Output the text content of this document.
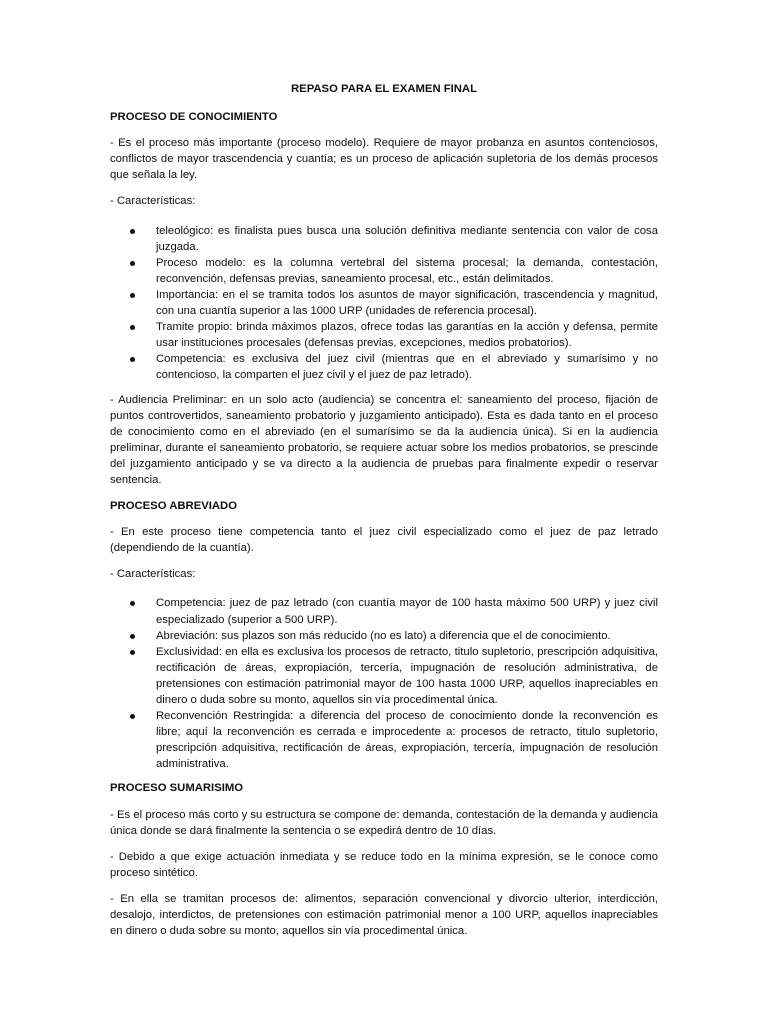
REPASO PARA EL EXAMEN FINAL
PROCESO DE CONOCIMIENTO
- Es el proceso más importante (proceso modelo). Requiere de mayor probanza en asuntos contenciosos, conflictos de mayor trascendencia y cuantía; es un proceso de aplicación supletoria de los demás procesos que señala la ley.
- Características:
teleológico: es finalista pues busca una solución definitiva mediante sentencia con valor de cosa juzgada.
Proceso modelo: es la columna vertebral del sistema procesal; la demanda, contestación, reconvención, defensas previas, saneamiento procesal, etc., están delimitados.
Importancia: en el se tramita todos los asuntos de mayor significación, trascendencia y magnitud, con una cuantía superior a las 1000 URP (unidades de referencia procesal).
Tramite propio: brinda máximos plazos, ofrece todas las garantías en la acción y defensa, permite usar instituciones procesales (defensas previas, excepciones, medios probatorios).
Competencia: es exclusiva del juez civil (mientras que en el abreviado y sumarísimo y no contencioso, la comparten el juez civil y el juez de paz letrado).
- Audiencia Preliminar: en un solo acto (audiencia) se concentra el: saneamiento del proceso, fijación de puntos controvertidos, saneamiento probatorio y juzgamiento anticipado). Esta es dada tanto en el proceso de conocimiento como en el abreviado (en el sumarísimo se da la audiencia única). Si en la audiencia preliminar, durante el saneamiento probatorio, se requiere actuar sobre los medios probatorios, se prescinde del juzgamiento anticipado y se va directo a la audiencia de pruebas para finalmente expedir o reservar sentencia.
PROCESO ABREVIADO
- En este proceso tiene competencia tanto el juez civil especializado como el juez de paz letrado (dependiendo de la cuantía).
- Características:
Competencia: juez de paz letrado (con cuantía mayor de 100 hasta máximo 500 URP) y juez civil especializado (superior a 500 URP).
Abreviación: sus plazos son más reducido (no es lato) a diferencia que el de conocimiento.
Exclusividad: en ella es exclusiva los procesos de retracto, titulo supletorio, prescripción adquisitiva, rectificación de áreas, expropiación, tercería, impugnación de resolución administrativa, de pretensiones con estimación patrimonial mayor de 100 hasta 1000 URP, aquellos inapreciables en dinero o duda sobre su monto, aquellos sin vía procedimental única.
Reconvención Restringida: a diferencia del proceso de conocimiento donde la reconvención es libre; aquí la reconvención es cerrada e improcedente a: procesos de retracto, titulo supletorio, prescripción adquisitiva, rectificación de áreas, expropiación, tercería, impugnación de resolución administrativa.
PROCESO SUMARISIMO
- Es el proceso más corto y su estructura se compone de: demanda, contestación de la demanda y audiencia única donde se dará finalmente la sentencia o se expedirá dentro de 10 días.
- Debido a que exige actuación inmediata y se reduce todo en la mínima expresión, se le conoce como proceso sintético.
- En ella se tramitan procesos de: alimentos, separación convencional y divorcio ulterior, interdicción, desalojo, interdictos, de pretensiones con estimación patrimonial menor a 100 URP, aquellos inapreciables en dinero o duda sobre su monto, aquellos sin vía procedimental única.
